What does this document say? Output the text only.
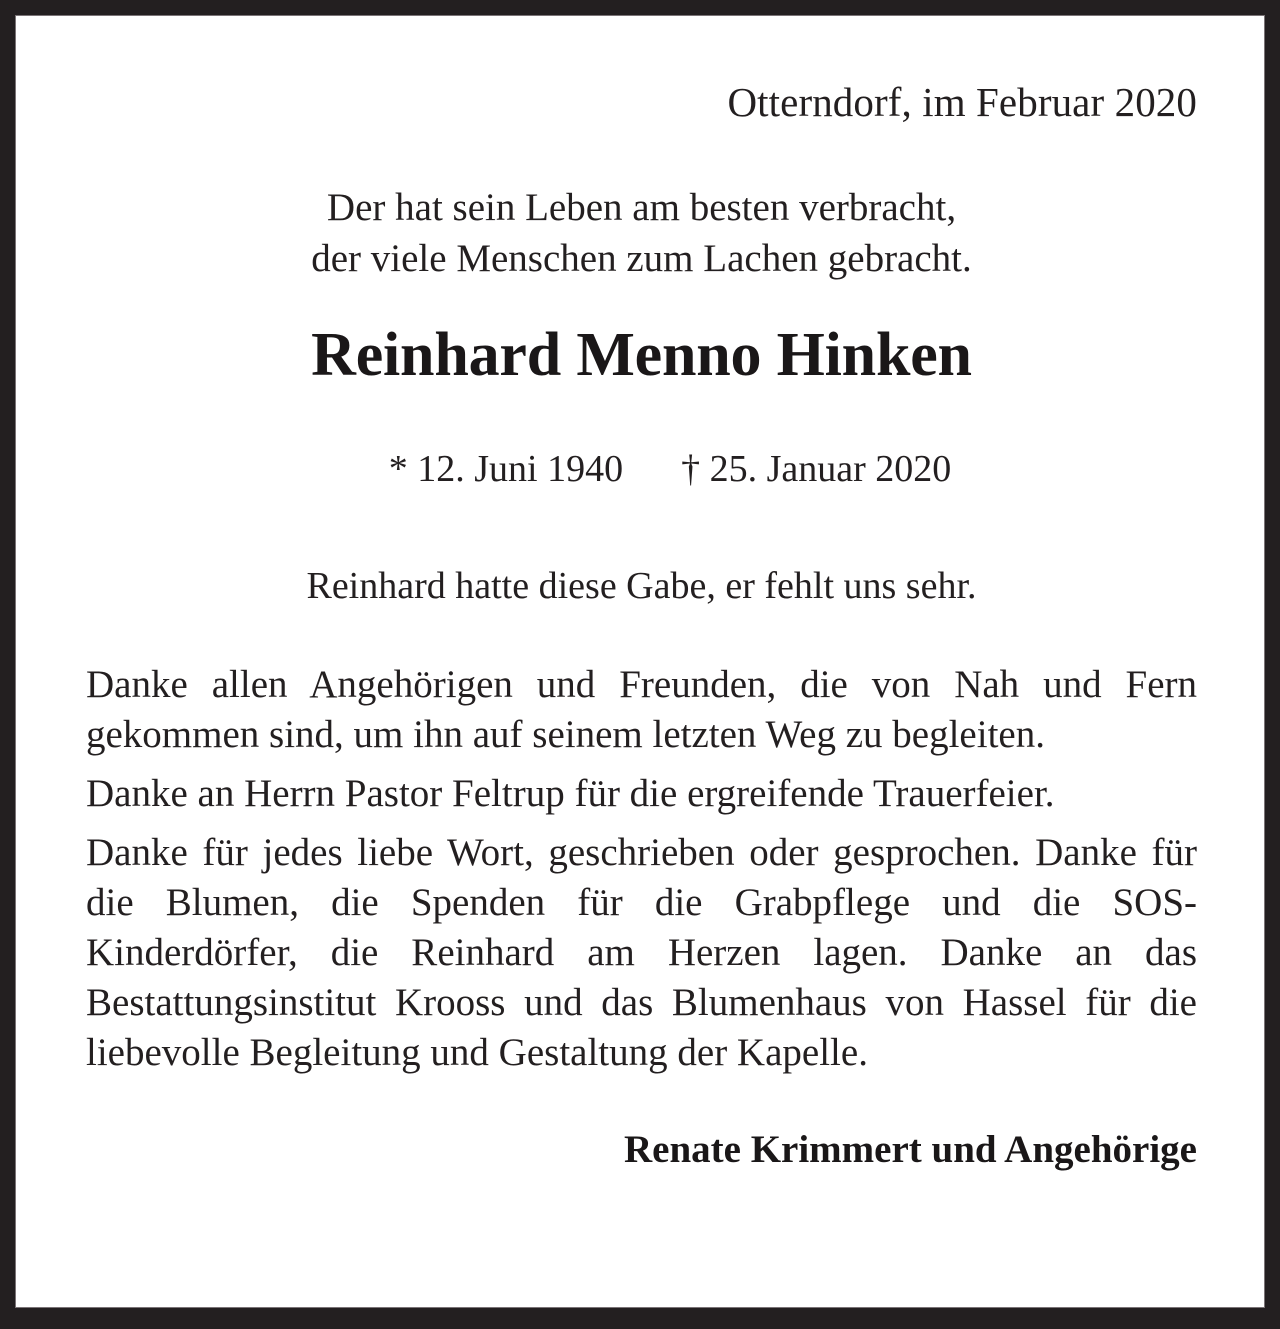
Otterndorf, im Februar 2020
Der hat sein Leben am besten verbracht,
der viele Menschen zum Lachen gebracht.
Reinhard Menno Hinken

* 12. Juni 1940 † 25. Januar 2020

Reinhard hatte diese Gabe, er fehlt uns sehr.

Danke allen Angehörigen und Freunden, die von Nah und Fern gekommen sind, um ihn auf seinem letzten Weg zu begleiten.

Danke an Herrn Pastor Feltrup für die ergreifende Trauerfeier.

Danke für jedes liebe Wort, geschrieben oder gesprochen. Danke für die Blumen, die Spenden für die Grabpflege und die SOS-Kinderdörfer, die Reinhard am Herzen lagen. Danke an das Bestattungsinstitut Krooss und das Blumenhaus von Hassel für die liebevolle Begleitung und Gestaltung der Kapelle.

Renate Krimmert und Angehörige
